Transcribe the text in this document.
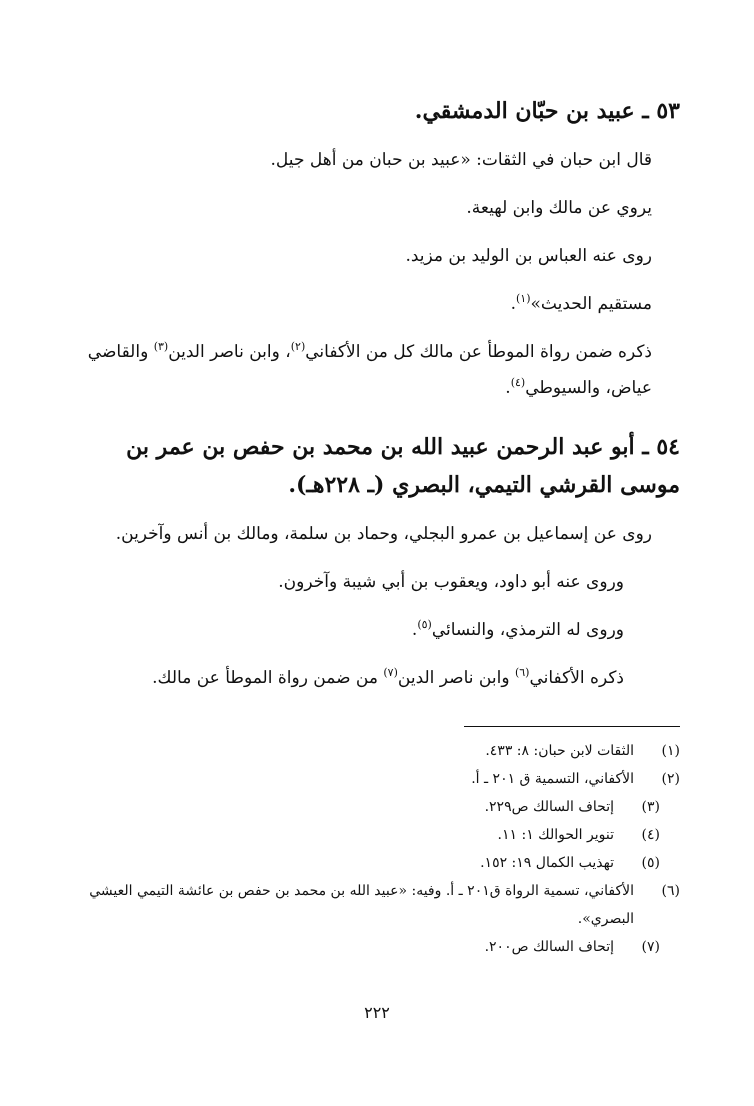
٥٣ ـ عبيد بن حبّان الدمشقي.

قال ابن حبان في الثقات: «عبيد بن حبان من أهل جيل.

يروي عن مالك وابن لهيعة.

روى عنه العباس بن الوليد بن مزيد.

مستقيم الحديث»$^{(١)}$.

ذكره ضمن رواة الموطأ عن مالك كل من الأكفاني$^{(٢)}$، وابن ناصر الدين$^{(٣)}$ والقاضي عياض، والسيوطي$^{(٤)}$.

٥٤ ـ أبو عبد الرحمن عبيد الله بن محمد بن حفص بن عمر بن موسى القرشي التيمي، البصري (ـ ٢٢٨هـ).

روى عن إسماعيل بن عمرو البجلي، وحماد بن سلمة، ومالك بن أنس وآخرين.

وروى عنه أبو داود، ويعقوب بن أبي شيبة وآخرون.

وروى له الترمذي، والنسائي$^{(٥)}$.

ذكره الأكفاني$^{(٦)}$ وابن ناصر الدين$^{(٧)}$ من ضمن رواة الموطأ عن مالك.

(١)
الثقات لابن حبان: ٨: ٤٣٣.
(٢)
الأكفاني، التسمية ق ٢٠١ ـ أ.
(٣)
إتحاف السالك ص٢٢٩.
(٤)
تنوير الحوالك ١: ١١.
(٥)
تهذيب الكمال ١٩: ١٥٢.
(٦)
الأكفاني، تسمية الرواة ق٢٠١ ـ أ. وفيه: «عبيد الله بن محمد بن حفص بن عائشة التيمي العيشي البصري».
(٧)
إتحاف السالك ص٢٠٠.
٢٢٢
